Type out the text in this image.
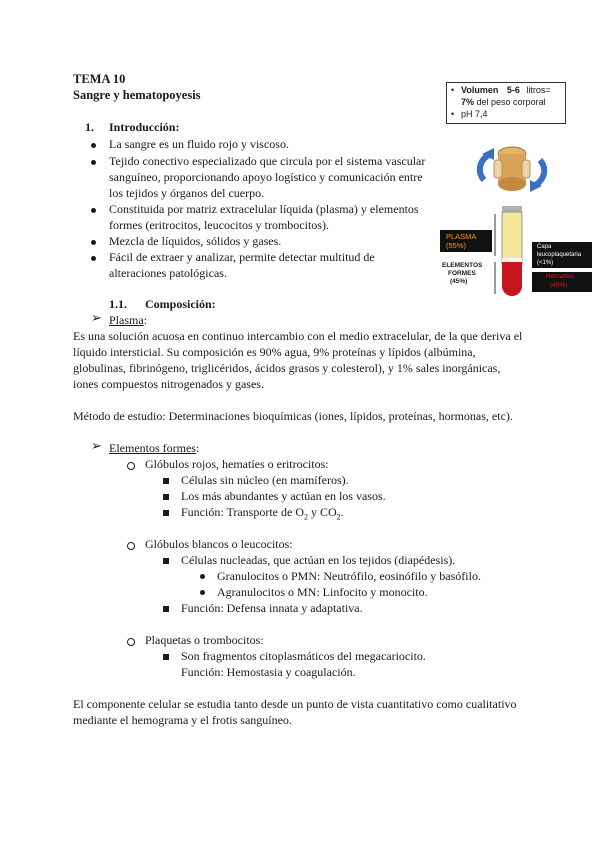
TEMA 10
Sangre y hematopoyesis	• Volumen 5-6 litros=
7% del peso corporal
• pH 7,4
PLASMA
(55%)
ELEMENTOS
FORMES
(45%)
Capa
leucoplaquetaria
(<1%)
Hematíes
(45%)
1. Introducción:
La sangre es un fluido rojo y viscoso.
Tejido conectivo especializado que circula por el sistema vascular
sanguíneo, proporcionando apoyo logístico y comunicación entre
los tejidos y órganos del cuerpo.
Constituida por matriz extracelular líquida (plasma) y elementos
formes (eritrocitos, leucocitos y trombocitos).
Mezcla de líquidos, sólidos y gases.
Fácil de extraer y analizar, permite detectar multitud de
alteraciones patológicas.
1.1. Composición:
➢ Plasma:
Es una solución acuosa en continuo intercambio con el medio extracelular, de la que deriva el
líquido intersticial. Su composición es 90% agua, 9% proteínas y lípidos (albúmina,
globulinas, fibrinógeno, triglicéridos, ácidos grasos y colesterol), y 1% sales inorgánicas,
iones compuestos nitrogenados y gases.
Método de estudio: Determinaciones bioquímicas (iones, lípidos, proteínas, hormonas, etc).
➢ Elementos formes:
Glóbulos rojos, hematíes o eritrocitos:
Células sin núcleo (en mamíferos).
Los más abundantes y actúan en los vasos.
Función: Transporte de $O_2$ y $CO_2$.
Glóbulos blancos o leucocitos:
Células nucleadas, que actúan en los tejidos (diapédesis).
Granulocitos o PMN: Neutrófilo, eosinófilo y basófilo.
Agranulocitos o MN: Linfocito y monocito.
Función: Defensa innata y adaptativa.
Plaquetas o trombocitos:
Son fragmentos citoplasmáticos del megacariocito.
Función: Hemostasia y coagulación.
El componente celular se estudia tanto desde un punto de vista cuantitativo como cualitativo
mediante el hemograma y el frotis sanguíneo.
